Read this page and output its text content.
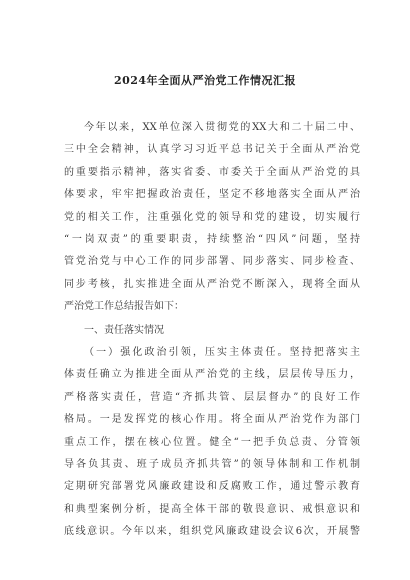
2024年全面从严治党工作情况汇报
今年以来，XX单位深入贯彻党的XX大和二十届二中、
三中全会精神，认真学习习近平总书记关于全面从严治党
的重要指示精神，落实省委、市委关于全面从严治党的具
体要求，牢牢把握政治责任，坚定不移地落实全面从严治
党的相关工作，注重强化党的领导和党的建设，切实履行
“一岗双责”的重要职责，持续整治“四风”问题，坚持
管党治党与中心工作的同步部署、同步落实、同步检查、
同步考核，扎实推进全面从严治党不断深入，现将全面从
严治党工作总结报告如下：
一、责任落实情况
（一）强化政治引领，压实主体责任。坚持把落实主
体责任确立为推进全面从严治党的主线，层层传导压力，
严格落实责任，营造“齐抓共管、层层督办”的良好工作
格局。一是发挥党的核心作用。将全面从严治党作为部门
重点工作，摆在核心位置。健全“一把手负总责、分管领
导各负其责、班子成员齐抓共管”的领导体制和工作机制
定期研究部署党风廉政建设和反腐败工作，通过警示教育
和典型案例分析，提高全体干部的敬畏意识、戒惧意识和
底线意识。今年以来，组织党风廉政建设会议6次，开展警
